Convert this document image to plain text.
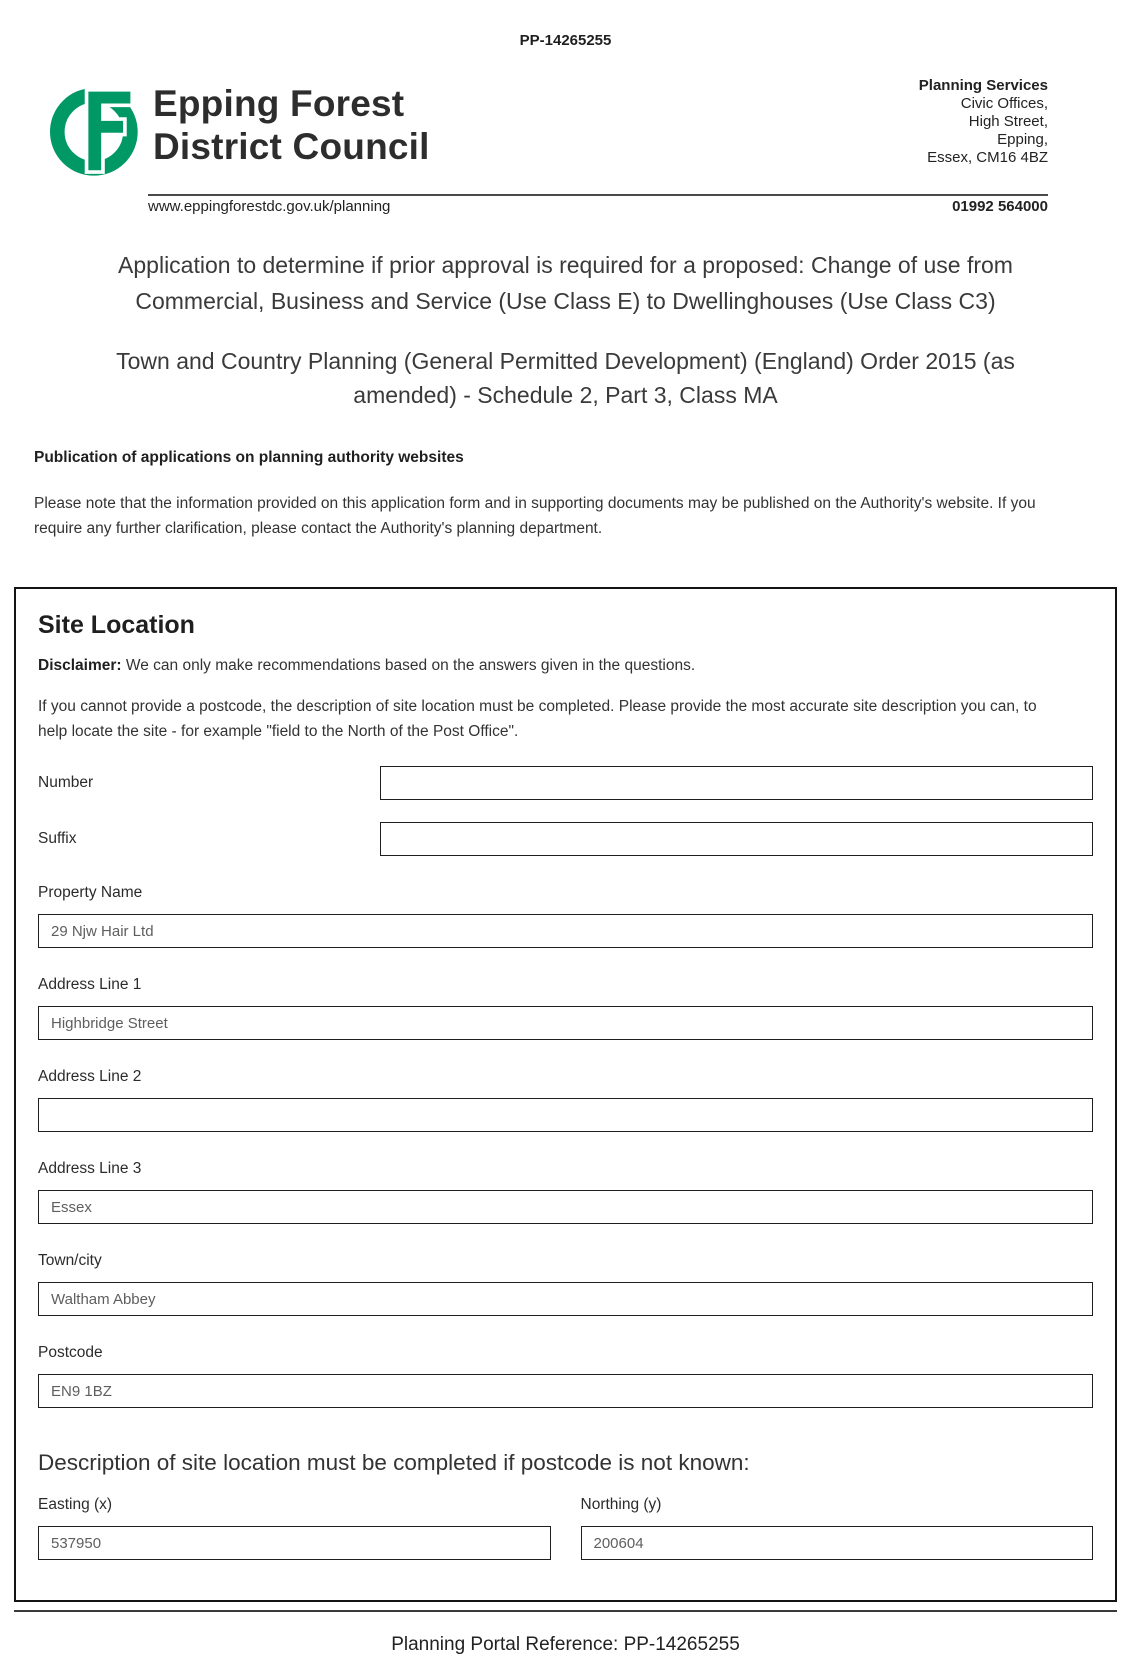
PP-14265255
Epping Forest
District Council
Planning Services
Civic Offices,
High Street,
Epping,
Essex, CM16 4BZ
www.eppingforestdc.gov.uk/planning	01992 564000
Application to determine if prior approval is required for a proposed: Change of use from Commercial, Business and Service (Use Class E) to Dwellinghouses (Use Class C3)
Town and Country Planning (General Permitted Development) (England) Order 2015 (as amended) - Schedule 2, Part 3, Class MA
Publication of applications on planning authority websites
Please note that the information provided on this application form and in supporting documents may be published on the Authority's website. If you require any further clarification, please contact the Authority's planning department.
Site Location
Disclaimer: We can only make recommendations based on the answers given in the questions.
If you cannot provide a postcode, the description of site location must be completed. Please provide the most accurate site description you can, to help locate the site - for example "field to the North of the Post Office".
Number
Suffix
Property Name
29 Njw Hair Ltd
Address Line 1
Highbridge Street
Address Line 2
Address Line 3
Essex
Town/city
Waltham Abbey
Postcode
EN9 1BZ
Description of site location must be completed if postcode is not known:
Easting (x)
537950	Northing (y)
200604
Planning Portal Reference: PP-14265255
